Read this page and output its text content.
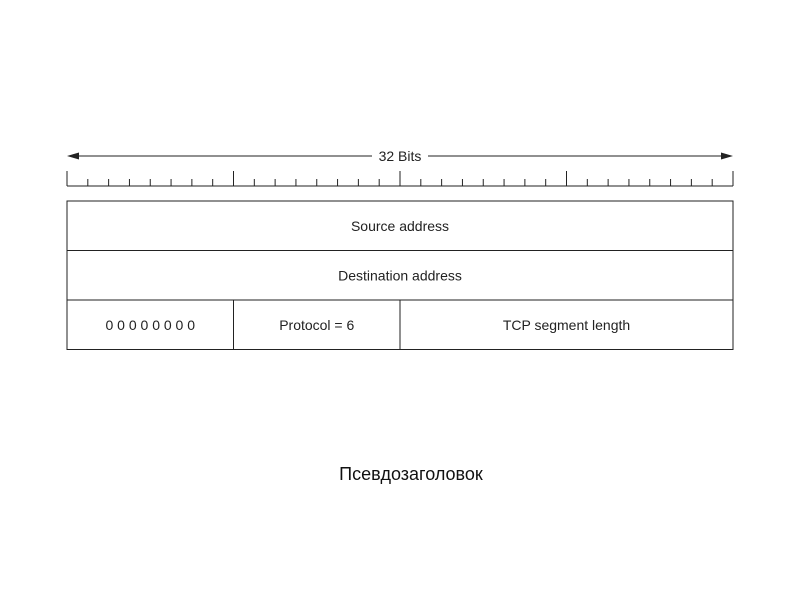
32 Bits
Source address
Destination address
0 0 0 0 0 0 0 0	Protocol = 6	TCP segment length
Псевдозаголовок
